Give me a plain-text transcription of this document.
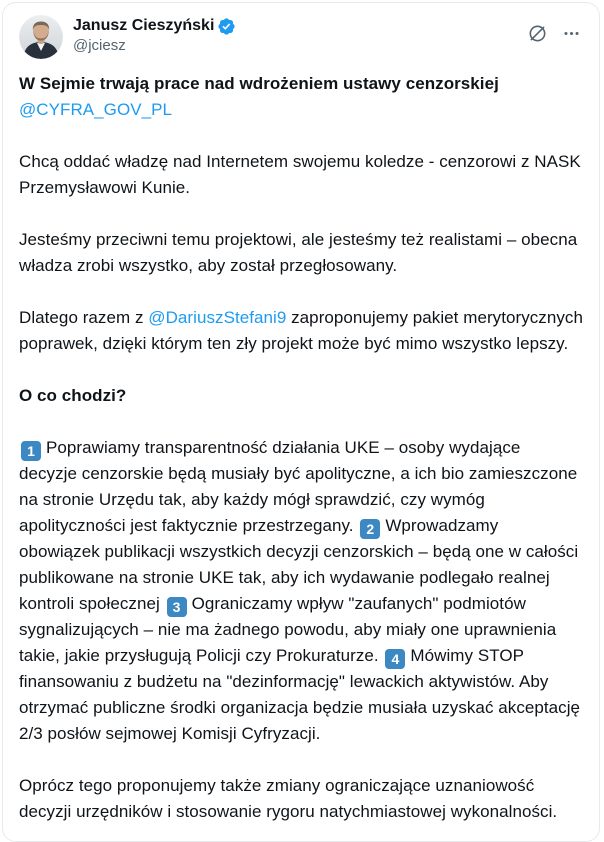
Janusz Cieszyński
@jciesz

W Sejmie trwają prace nad wdrożeniem ustawy cenzorskiej
@CYFRA_GOV_PL

Chcą oddać władzę nad Internetem swojemu koledze - cenzorowi z NASK Przemysławowi Kunie.

Jesteśmy przeciwni temu projektowi, ale jesteśmy też realistami – obecna władza zrobi wszystko, aby został przegłosowany.

Dlatego razem z @DariuszStefani9 zaproponujemy pakiet merytorycznych poprawek, dzięki którym ten zły projekt może być mimo wszystko lepszy.

O co chodzi?

1 Poprawiamy transparentność działania UKE – osoby wydające decyzje cenzorskie będą musiały być apolityczne, a ich bio zamieszczone na stronie Urzędu tak, aby każdy mógł sprawdzić, czy wymóg apolityczności jest faktycznie przestrzegany. 2 Wprowadzamy obowiązek publikacji wszystkich decyzji cenzorskich – będą one w całości publikowane na stronie UKE tak, aby ich wydawanie podlegało realnej kontroli społecznej 3 Ograniczamy wpływ "zaufanych" podmiotów sygnalizujących – nie ma żadnego powodu, aby miały one uprawnienia takie, jakie przysługują Policji czy Prokuraturze. 4 Mówimy STOP finansowaniu z budżetu na "dezinformację" lewackich aktywistów. Aby otrzymać publiczne środki organizacja będzie musiała uzyskać akceptację 2/3 posłów sejmowej Komisji Cyfryzacji.

Oprócz tego proponujemy także zmiany ograniczające uznaniowość decyzji urzędników i stosowanie rygoru natychmiastowej wykonalności.
